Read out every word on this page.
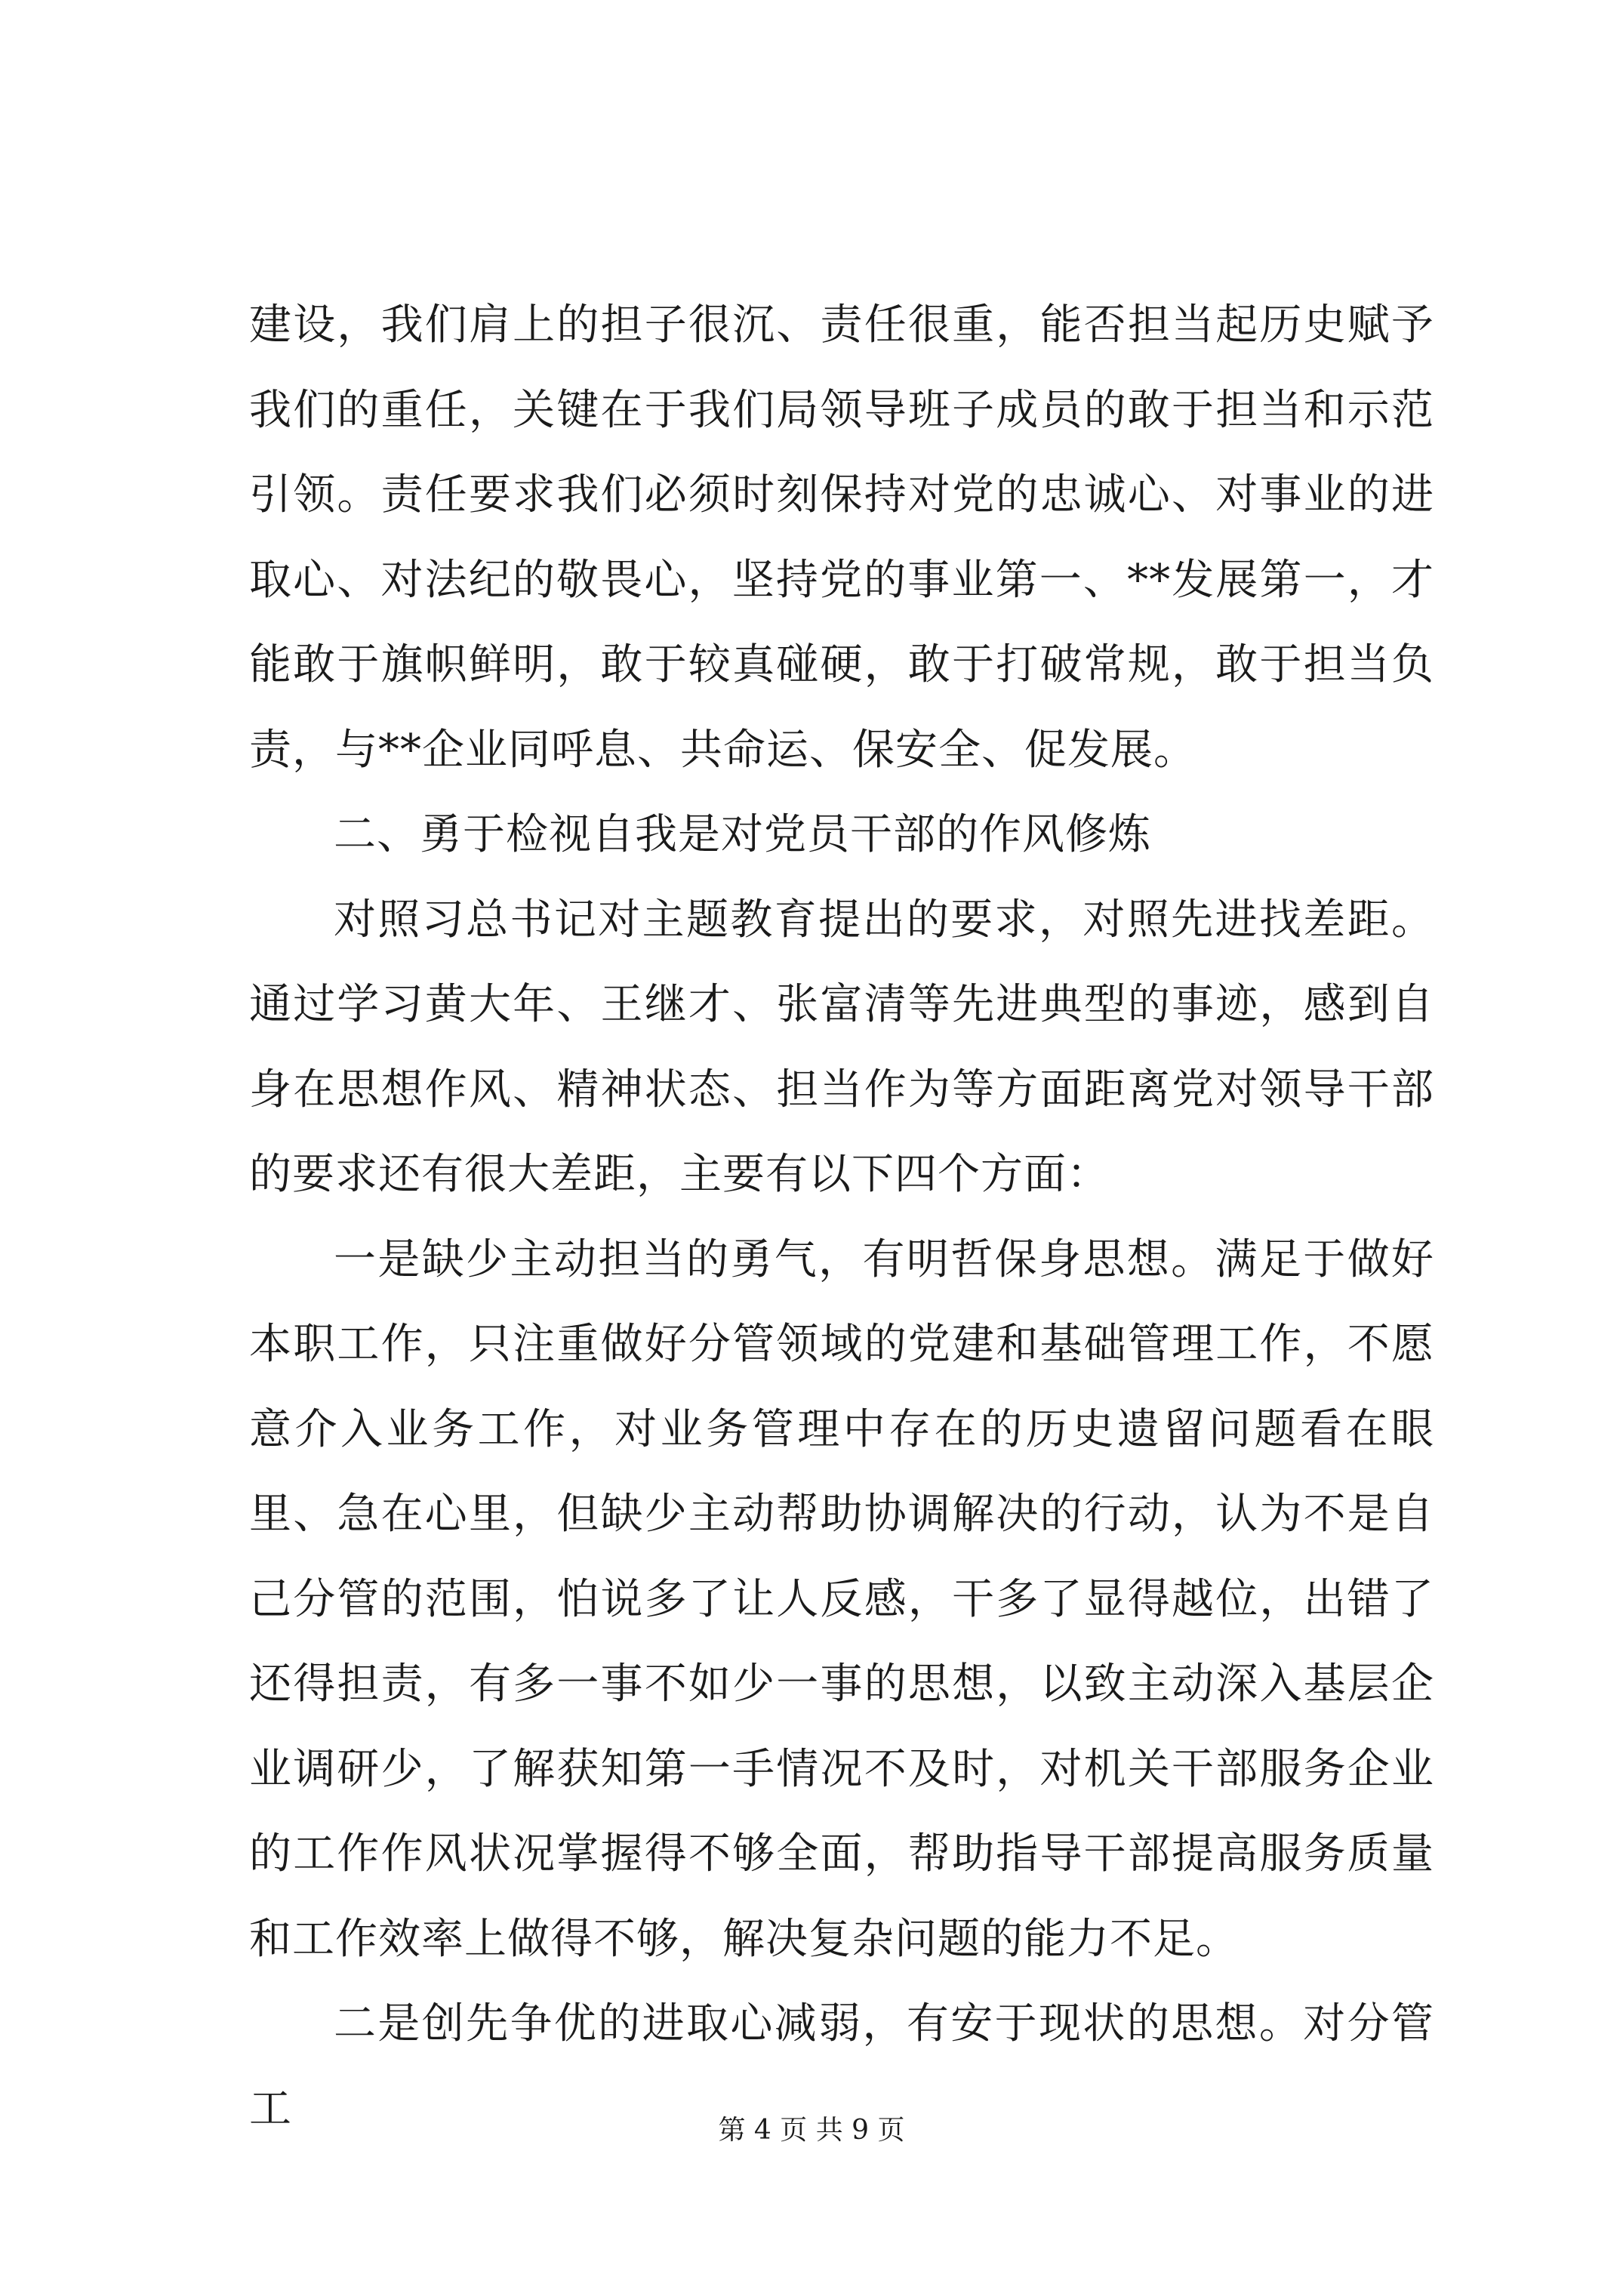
建设，我们肩上的担子很沉、责任很重，能否担当起历史赋予我们的重任，关键在于我们局领导班子成员的敢于担当和示范引领。责任要求我们必须时刻保持对党的忠诚心、对事业的进取心、对法纪的敬畏心，坚持党的事业第一、**发展第一，才能敢于旗帜鲜明，敢于较真碰硬，敢于打破常规，敢于担当负责，与**企业同呼息、共命运、保安全、促发展。

二、勇于检视自我是对党员干部的作风修炼

对照习总书记对主题教育提出的要求，对照先进找差距。通过学习黄大年、王继才、张富清等先进典型的事迹，感到自身在思想作风、精神状态、担当作为等方面距离党对领导干部的要求还有很大差距，主要有以下四个方面：

一是缺少主动担当的勇气，有明哲保身思想。满足于做好本职工作，只注重做好分管领域的党建和基础管理工作，不愿意介入业务工作，对业务管理中存在的历史遗留问题看在眼里、急在心里，但缺少主动帮助协调解决的行动，认为不是自己分管的范围，怕说多了让人反感，干多了显得越位，出错了还得担责，有多一事不如少一事的思想，以致主动深入基层企业调研少，了解获知第一手情况不及时，对机关干部服务企业的工作作风状况掌握得不够全面，帮助指导干部提高服务质量和工作效率上做得不够，解决复杂问题的能力不足。

二是创先争优的进取心减弱，有安于现状的思想。对分管工	第 4 页 共 9 页
